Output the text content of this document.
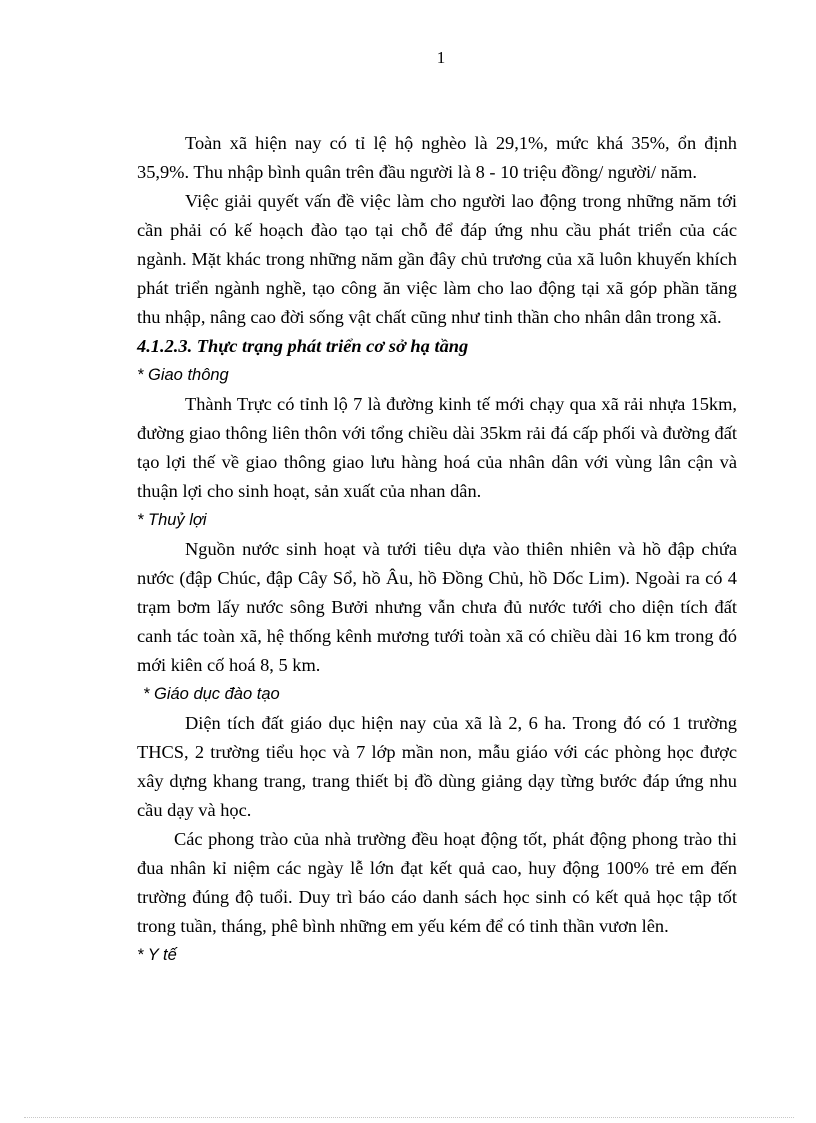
1

Toàn xã hiện nay có tỉ lệ hộ nghèo là 29,1%, mức khá 35%, ổn định 35,9%. Thu nhập bình quân trên đầu người là 8 - 10 triệu đồng/ người/ năm.

Việc giải quyết vấn đề việc làm cho người lao động trong những năm tới cần phải có kế hoạch đào tạo tại chỗ để đáp ứng nhu cầu phát triển của các ngành. Mặt khác trong những năm gần đây chủ trương của xã luôn khuyến khích phát triển ngành nghề, tạo công ăn việc làm cho lao động tại xã góp phần tăng thu nhập, nâng cao đời sống vật chất cũng như tinh thần cho nhân dân trong xã.

4.1.2.3. Thực trạng phát triển cơ sở hạ tầng

* Giao thông

Thành Trực có tỉnh lộ 7 là đường kinh tế mới chạy qua xã rải nhựa 15km, đường giao thông liên thôn với tổng chiều dài 35km rải đá cấp phối và đường đất tạo lợi thế về giao thông giao lưu hàng hoá của nhân dân với vùng lân cận và thuận lợi cho sinh hoạt, sản xuất của nhan dân.

* Thuỷ lợi

Nguồn nước sinh hoạt và tưới tiêu dựa vào thiên nhiên và hồ đập chứa nước (đập Chúc, đập Cây Sổ, hồ Âu, hồ Đồng Chủ, hồ Dốc Lim). Ngoài ra có 4 trạm bơm lấy nước sông Bưởi nhưng vẫn chưa đủ nước tưới cho diện tích đất canh tác toàn xã, hệ thống kênh mương tưới toàn xã có chiều dài 16 km trong đó mới kiên cố hoá 8, 5 km.

* Giáo dục đào tạo

Diện tích đất giáo dục hiện nay của xã là 2, 6 ha. Trong đó có 1 trường THCS, 2 trường tiểu học và 7 lớp mần non, mẫu giáo với các phòng học được xây dựng khang trang, trang thiết bị đồ dùng giảng dạy từng bước đáp ứng nhu cầu dạy và học.

Các phong trào của nhà trường đều hoạt động tốt, phát động phong trào thi đua nhân kỉ niệm các ngày lễ lớn đạt kết quả cao, huy động 100% trẻ em đến trường đúng độ tuổi. Duy trì báo cáo danh sách học sinh có kết quả học tập tốt trong tuần, tháng, phê bình những em yếu kém để có tinh thần vươn lên.

* Y tế
